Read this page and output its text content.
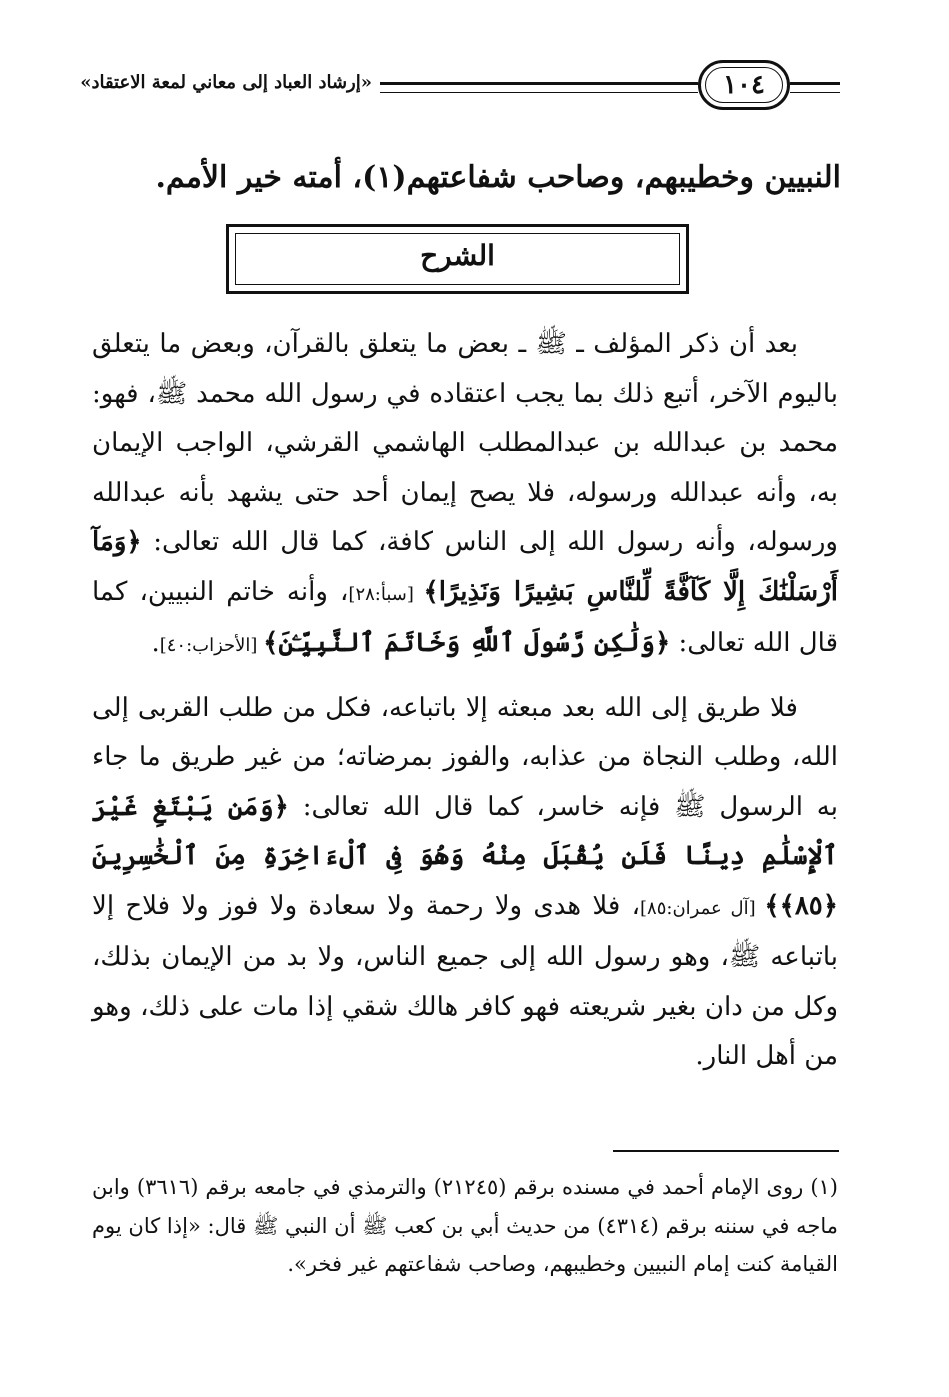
«إرشاد العباد إلى معاني لمعة الاعتقاد»	١٠٤
النبيين وخطيبهم، وصاحب شفاعتهم(١)، أمته خير الأمم.
الشرح

بعد أن ذكر المؤلف ـ ﷺ ـ بعض ما يتعلق بالقرآن، وبعض ما يتعلق باليوم الآخر، أتبع ذلك بما يجب اعتقاده في رسول الله محمد ﷺ، فهو: محمد بن عبدالله بن عبدالمطلب الهاشمي القرشي، الواجب الإيمان به، وأنه عبدالله ورسوله، فلا يصح إيمان أحد حتى يشهد بأنه عبدالله ورسوله، وأنه رسول الله إلى الناس كافة، كما قال الله تعالى: ﴿وَمَآ أَرْسَلْنَٰكَ إِلَّا كَآفَّةً لِّلنَّاسِ بَشِيرًا وَنَذِيرًا﴾ [سبأ:٢٨]، وأنه خاتم النبيين، كما قال الله تعالى: ﴿وَلَٰكِن رَّسُولَ ٱللَّهِ وَخَاتَمَ ٱلنَّبِيِّـۧنَ﴾ [الأحزاب:٤٠].

فلا طريق إلى الله بعد مبعثه إلا باتباعه، فكل من طلب القربى إلى الله، وطلب النجاة من عذابه، والفوز بمرضاته؛ من غير طريق ما جاء به الرسول ﷺ فإنه خاسر، كما قال الله تعالى: ﴿وَمَن يَبْتَغِ غَيْرَ ٱلْإِسْلَٰمِ دِينًا فَلَن يُقْبَلَ مِنْهُ وَهُوَ فِى ٱلْءَاخِرَةِ مِنَ ٱلْخَٰسِرِينَ ﴿٨٥﴾﴾ [آل عمران:٨٥]، فلا هدى ولا رحمة ولا سعادة ولا فوز ولا فلاح إلا باتباعه ﷺ، وهو رسول الله إلى جميع الناس، ولا بد من الإيمان بذلك، وكل من دان بغير شريعته فهو كافر هالك شقي إذا مات على ذلك، وهو من أهل النار.

(١) روى الإمام أحمد في مسنده برقم (٢١٢٤٥) والترمذي في جامعه برقم (٣٦١٦) وابن ماجه في سننه برقم (٤٣١٤) من حديث أبي بن كعب ﷺ أن النبي ﷺ قال: «إذا كان يوم القيامة كنت إمام النبيين وخطيبهم، وصاحب شفاعتهم غير فخر».
